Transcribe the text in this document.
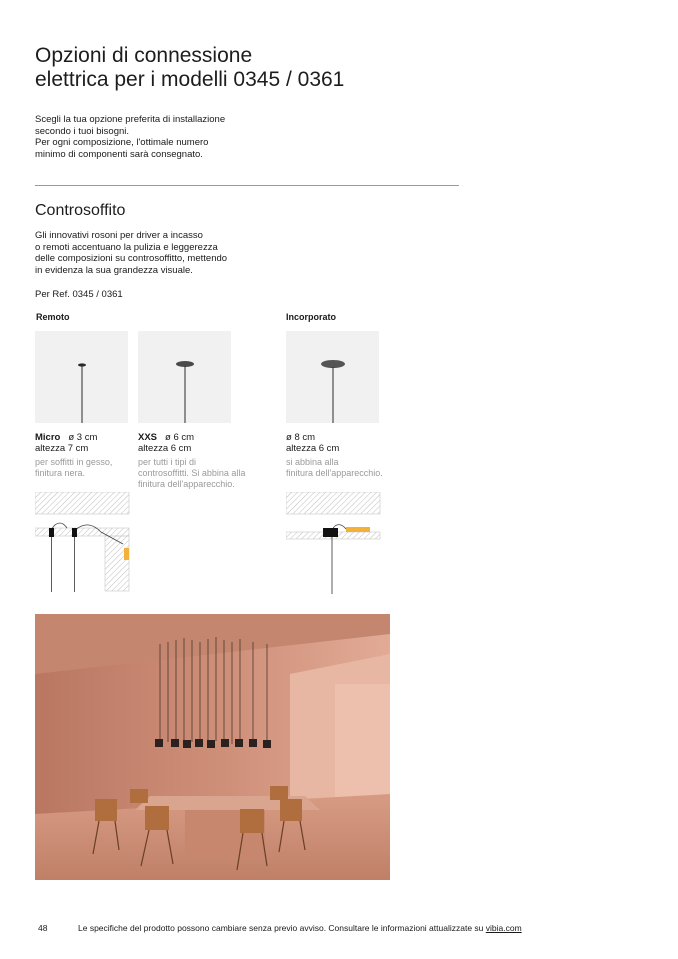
Opzioni di connessione
elettrica per i modelli 0345 / 0361
Scegli la tua opzione preferita di installazione
secondo i tuoi bisogni.
Per ogni composizione, l'ottimale numero
minimo di componenti sarà consegnato.
Controsoffito
Gli innovativi rosoni per driver a incasso
o remoti accentuano la pulizia e leggerezza
delle composizioni su controsoffitto, mettendo
in evidenza la sua grandezza visuale.
Per Ref. 0345 / 0361
Remoto	Incorporato
Micro ø 3 cm
altezza 7 cm
XXS ø 6 cm
altezza 6 cm
ø 8 cm
altezza 6 cm
per soffitti in gesso,
finitura nera.
per tutti i tipi di
controsoffitti. Si abbina alla
finitura dell'apparecchio.
si abbina alla
finitura dell'apparecchio.
48	Le specifiche del prodotto possono cambiare senza previo avviso. Consultare le informazioni attualizzate su vibia.com
